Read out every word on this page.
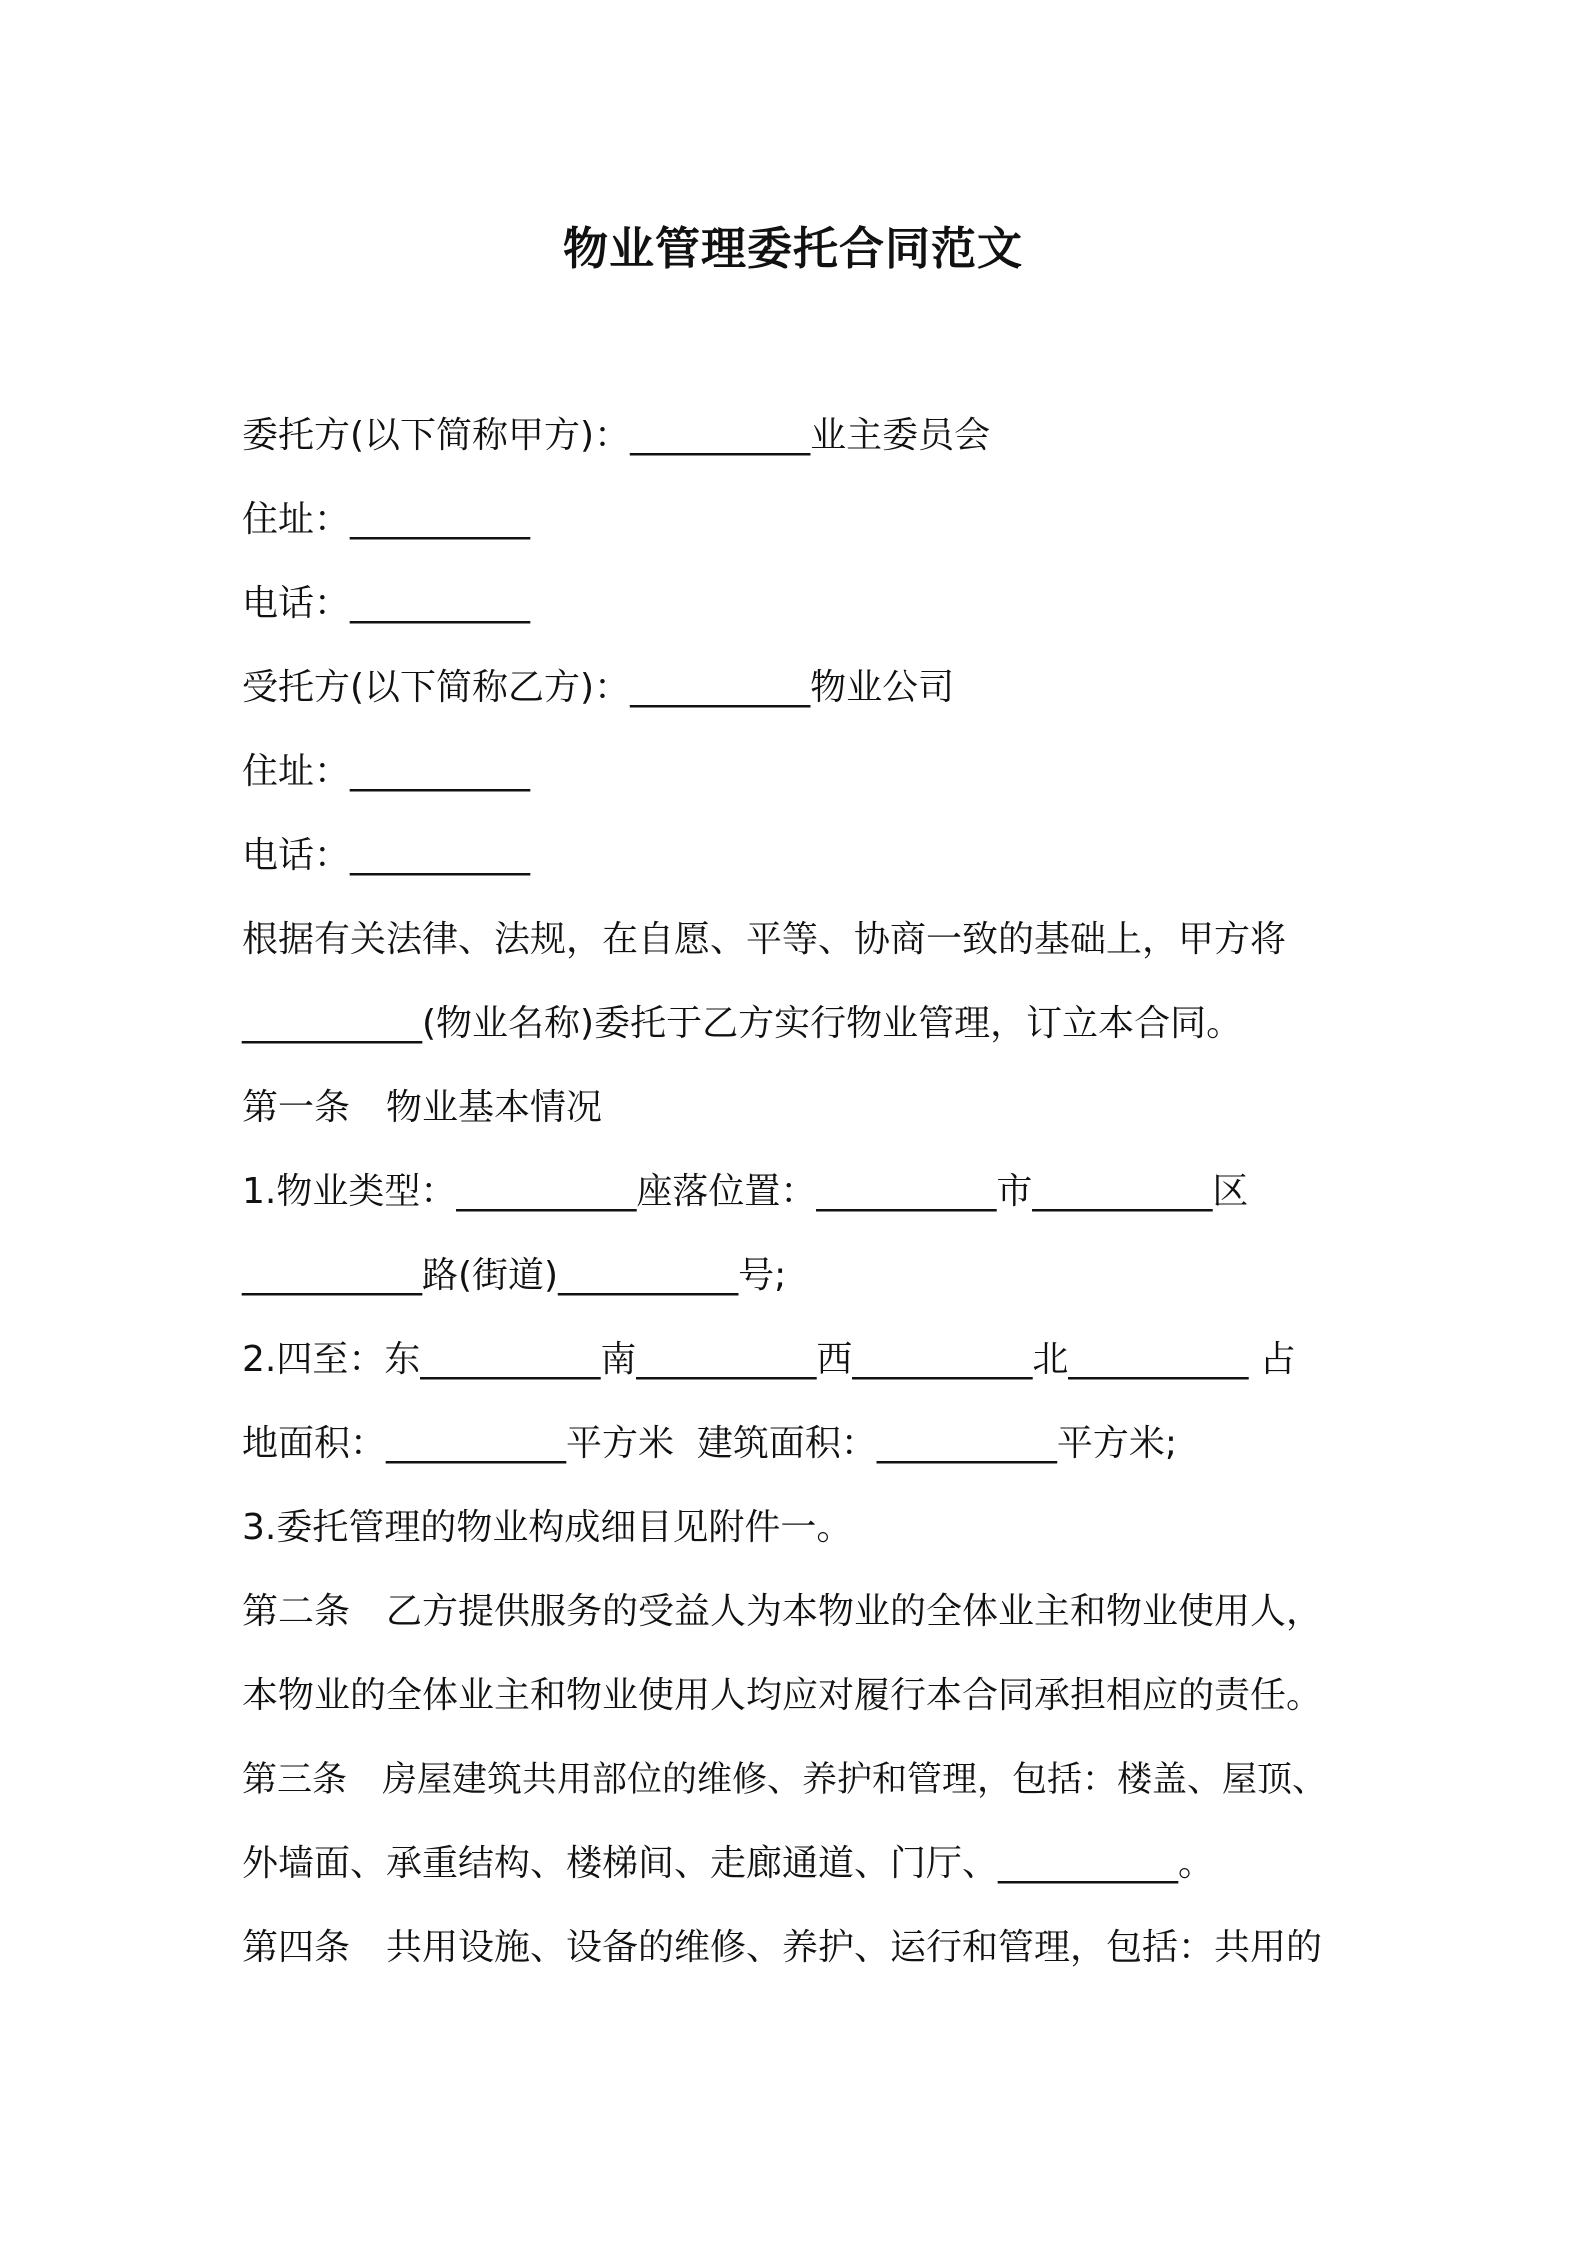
物业管理委托合同范文
委托方(以下简称甲方)：__________业主委员会
住址：__________
电话：__________
受托方(以下简称乙方)：__________物业公司
住址：__________
电话：__________
根据有关法律、法规，在自愿、平等、协商一致的基础上，甲方将
__________(物业名称)委托于乙方实行物业管理，订立本合同。
第一条　物业基本情况
1.物业类型：__________座落位置：__________市__________区
__________路(街道)__________号;
2.四至：东__________南__________西__________北__________ 占
地面积：__________平方米  建筑面积：__________平方米;
3.委托管理的物业构成细目见附件一。
第二条　乙方提供服务的受益人为本物业的全体业主和物业使用人，
本物业的全体业主和物业使用人均应对履行本合同承担相应的责任。
第三条　房屋建筑共用部位的维修、养护和管理，包括：楼盖、屋顶、
外墙面、承重结构、楼梯间、走廊通道、门厅、__________。
第四条　共用设施、设备的维修、养护、运行和管理，包括：共用的
